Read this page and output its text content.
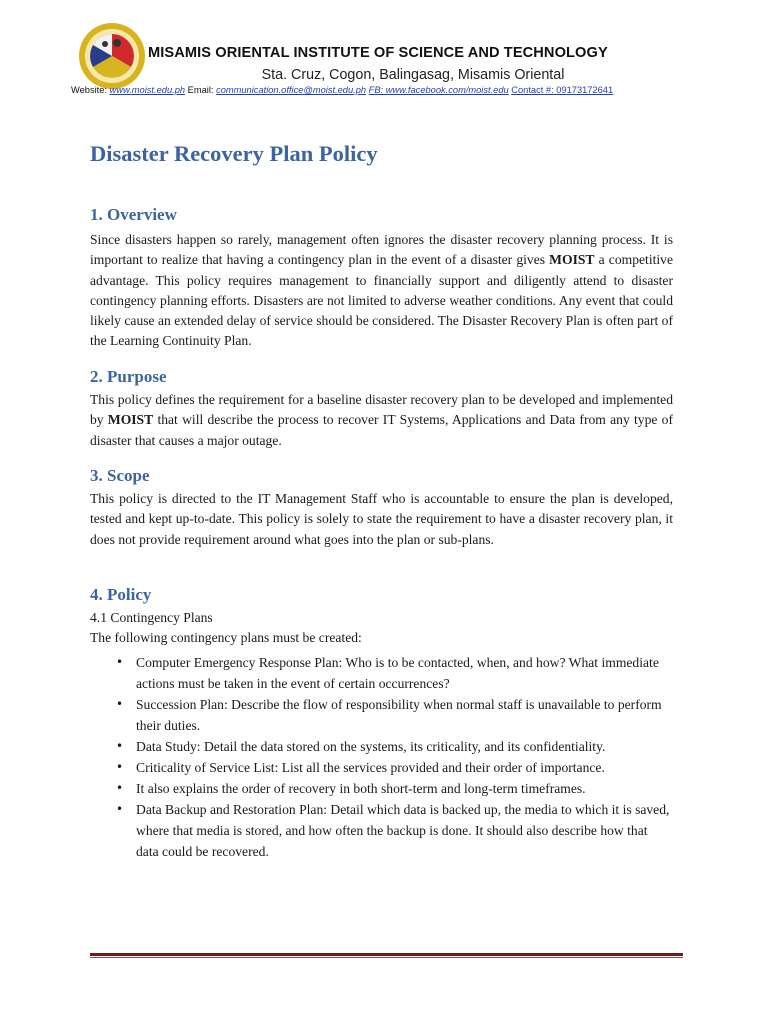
MISAMIS ORIENTAL INSTITUTE OF SCIENCE AND TECHNOLOGY
Sta. Cruz, Cogon, Balingasag, Misamis Oriental
Website: www.moist.edu.ph Email: communication.office@moist.edu.ph FB: www.facebook.com/moist.edu Contact #: 09173172641
Disaster Recovery Plan Policy
1. Overview
Since disasters happen so rarely, management often ignores the disaster recovery planning process. It is important to realize that having a contingency plan in the event of a disaster gives MOIST a competitive advantage. This policy requires management to financially support and diligently attend to disaster contingency planning efforts. Disasters are not limited to adverse weather conditions. Any event that could likely cause an extended delay of service should be considered. The Disaster Recovery Plan is often part of the Learning Continuity Plan.
2. Purpose
This policy defines the requirement for a baseline disaster recovery plan to be developed and implemented by MOIST that will describe the process to recover IT Systems, Applications and Data from any type of disaster that causes a major outage.
3. Scope
This policy is directed to the IT Management Staff who is accountable to ensure the plan is developed, tested and kept up-to-date. This policy is solely to state the requirement to have a disaster recovery plan, it does not provide requirement around what goes into the plan or sub-plans.
4. Policy
4.1 Contingency Plans
The following contingency plans must be created:
• Computer Emergency Response Plan: Who is to be contacted, when, and how? What immediate actions must be taken in the event of certain occurrences?
• Succession Plan: Describe the flow of responsibility when normal staff is unavailable to perform their duties.
• Data Study: Detail the data stored on the systems, its criticality, and its confidentiality.
• Criticality of Service List: List all the services provided and their order of importance.
• It also explains the order of recovery in both short-term and long-term timeframes.
• Data Backup and Restoration Plan: Detail which data is backed up, the media to which it is saved, where that media is stored, and how often the backup is done. It should also describe how that data could be recovered.
